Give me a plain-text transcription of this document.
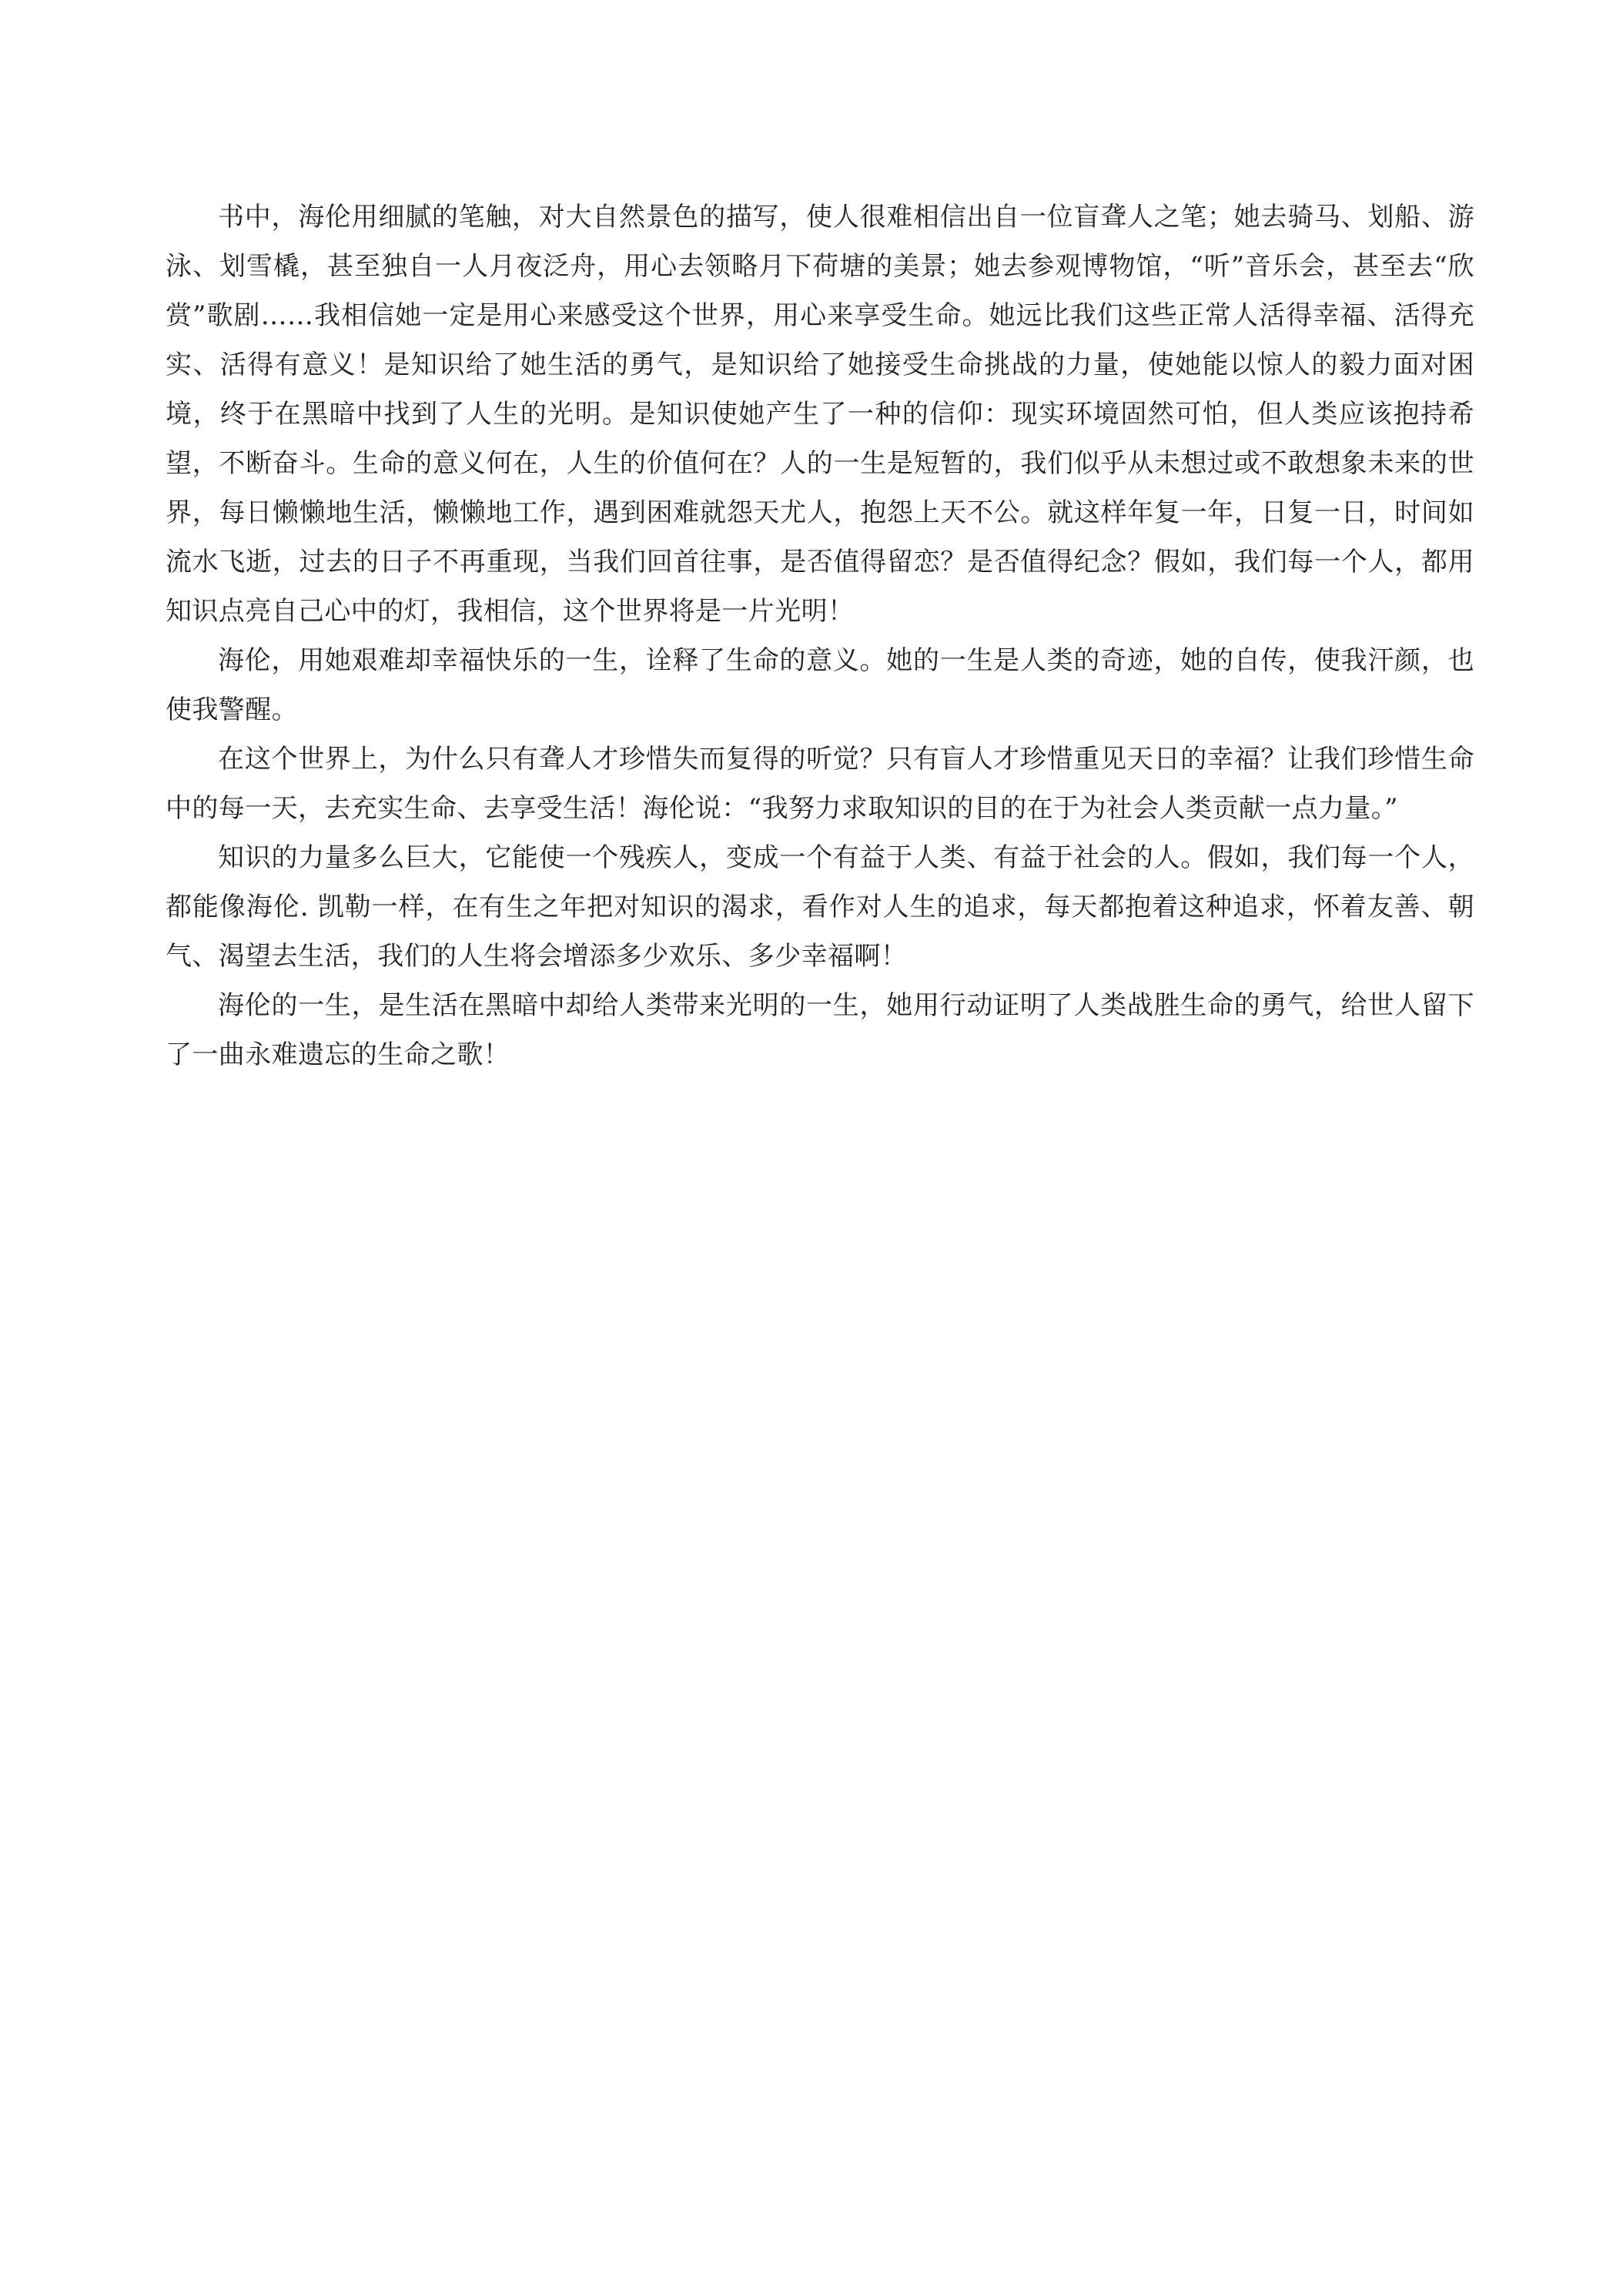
书中，海伦用细腻的笔触，对大自然景色的描写，使人很难相信出自一位盲聋人之笔；她去骑马、划船、游泳、划雪橇，甚至独自一人月夜泛舟，用心去领略月下荷塘的美景；她去参观博物馆，“听”音乐会，甚至去“欣赏”歌剧……我相信她一定是用心来感受这个世界，用心来享受生命。她远比我们这些正常人活得幸福、活得充实、活得有意义！是知识给了她生活的勇气，是知识给了她接受生命挑战的力量，使她能以惊人的毅力面对困境，终于在黑暗中找到了人生的光明。是知识使她产生了一种的信仰：现实环境固然可怕，但人类应该抱持希望，不断奋斗。生命的意义何在，人生的价值何在？人的一生是短暂的，我们似乎从未想过或不敢想象未来的世界，每日懒懒地生活，懒懒地工作，遇到困难就怨天尤人，抱怨上天不公。就这样年复一年，日复一日，时间如流水飞逝，过去的日子不再重现，当我们回首往事，是否值得留恋？是否值得纪念？假如，我们每一个人，都用知识点亮自己心中的灯，我相信，这个世界将是一片光明！

海伦，用她艰难却幸福快乐的一生，诠释了生命的意义。她的一生是人类的奇迹，她的自传，使我汗颜，也使我警醒。

在这个世界上，为什么只有聋人才珍惜失而复得的听觉？只有盲人才珍惜重见天日的幸福？让我们珍惜生命中的每一天，去充实生命、去享受生活！海伦说：“我努力求取知识的目的在于为社会人类贡献一点力量。”

知识的力量多么巨大，它能使一个残疾人，变成一个有益于人类、有益于社会的人。假如，我们每一个人，都能像海伦. 凯勒一样，在有生之年把对知识的渴求，看作对人生的追求，每天都抱着这种追求，怀着友善、朝气、渴望去生活，我们的人生将会增添多少欢乐、多少幸福啊！

海伦的一生，是生活在黑暗中却给人类带来光明的一生，她用行动证明了人类战胜生命的勇气，给世人留下了一曲永难遗忘的生命之歌！
